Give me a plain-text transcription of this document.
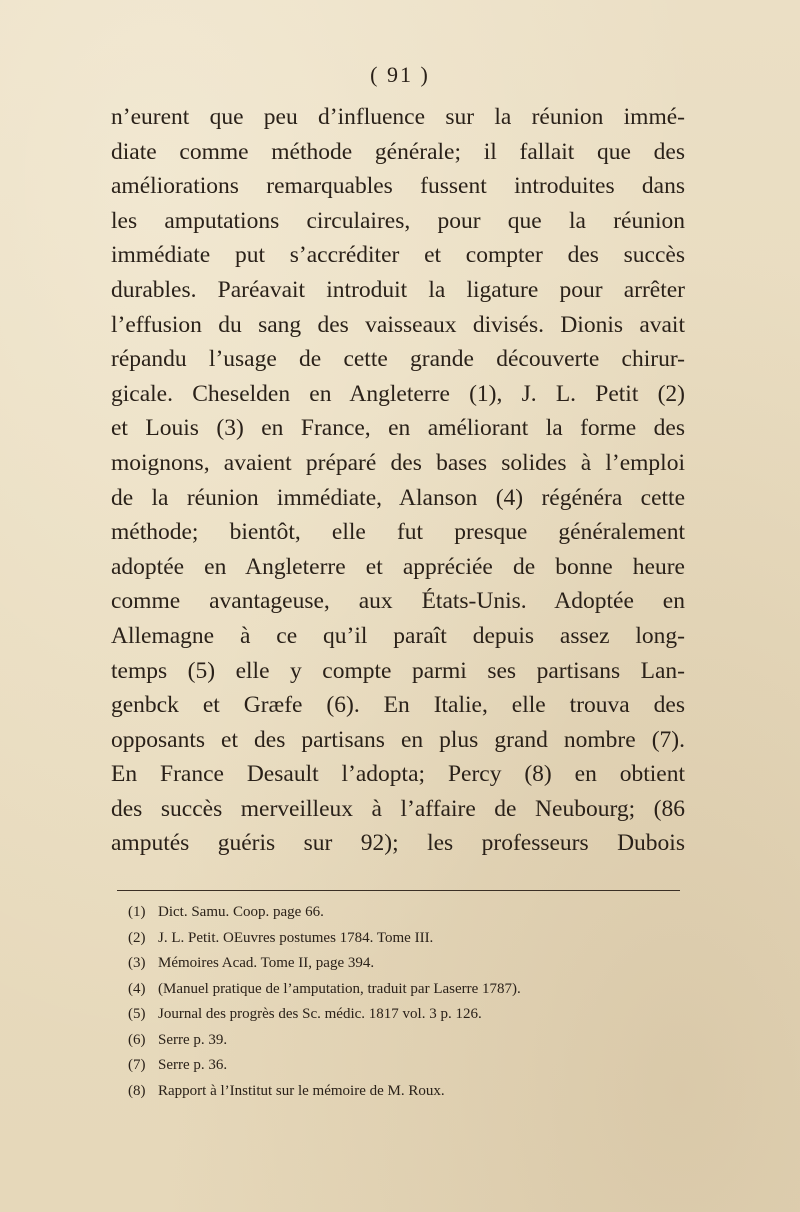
( 91 )
n’eurent que peu d’influence sur la réunion immé-
diate comme méthode générale; il fallait que des
améliorations remarquables fussent introduites dans
les amputations circulaires, pour que la réunion
immédiate put s’accréditer et compter des succès
durables. Paréavait introduit la ligature pour arrêter
l’effusion du sang des vaisseaux divisés. Dionis avait
répandu l’usage de cette grande découverte chirur-
gicale. Cheselden en Angleterre (1), J. L. Petit (2)
et Louis (3) en France, en améliorant la forme des
moignons, avaient préparé des bases solides à l’emploi
de la réunion immédiate, Alanson (4) régénéra cette
méthode; bientôt, elle fut presque généralement
adoptée en Angleterre et appréciée de bonne heure
comme avantageuse, aux États-Unis. Adoptée en
Allemagne à ce qu’il paraît depuis assez long-
temps (5) elle y compte parmi ses partisans Lan-
genbck et Græfe (6). En Italie, elle trouva des
opposants et des partisans en plus grand nombre (7).
En France Desault l’adopta; Percy (8) en obtient
des succès merveilleux à l’affaire de Neubourg; (86
amputés guéris sur 92); les professeurs Dubois
(1) Dict. Samu. Coop. page 66.
(2) J. L. Petit. OEuvres postumes 1784. Tome III.
(3) Mémoires Acad. Tome II, page 394.
(4) (Manuel pratique de l’amputation, traduit par Laserre 1787).
(5) Journal des progrès des Sc. médic. 1817 vol. 3 p. 126.
(6) Serre p. 39.
(7) Serre p. 36.
(8) Rapport à l’Institut sur le mémoire de M. Roux.
